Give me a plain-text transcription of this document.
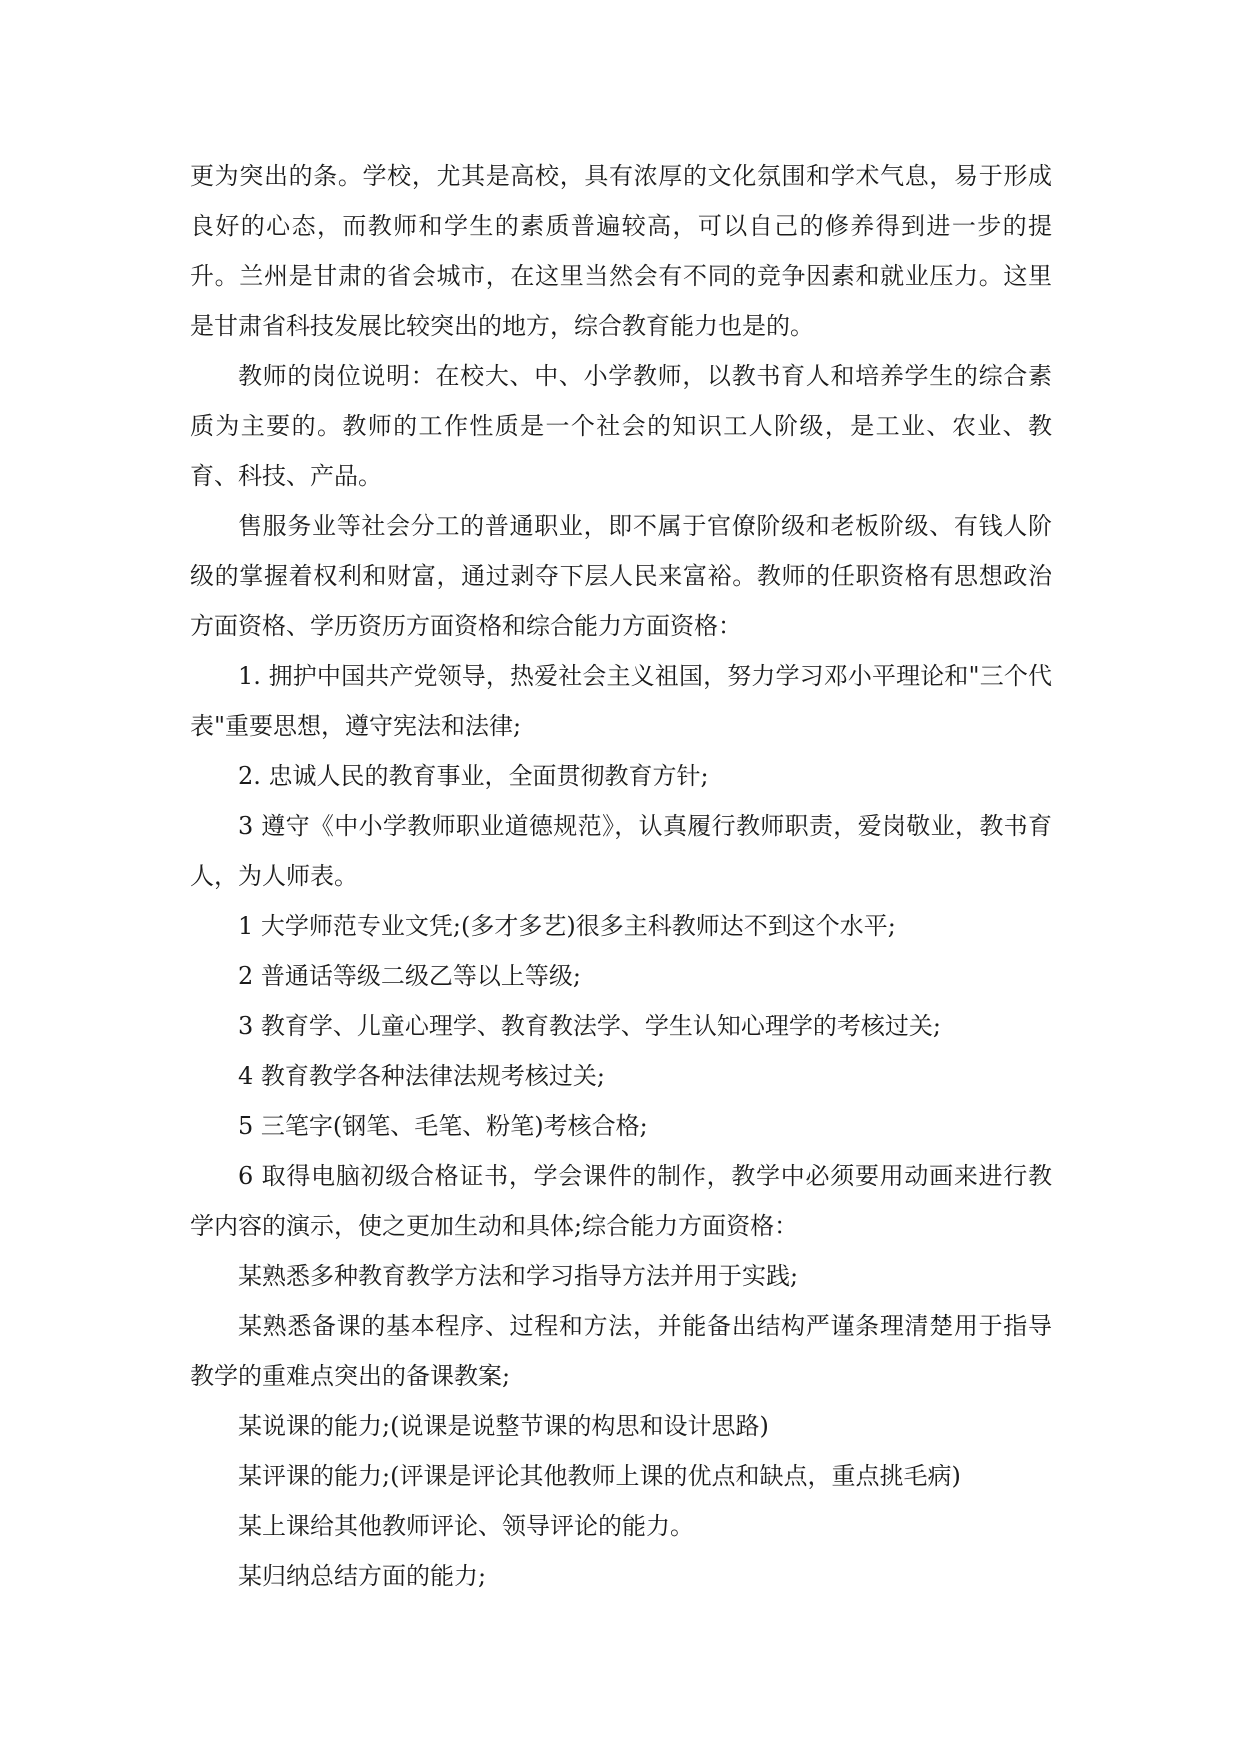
更为突出的条。学校，尤其是高校，具有浓厚的文化氛围和学术气息，易于形成良好的心态，而教师和学生的素质普遍较高，可以自己的修养得到进一步的提升。兰州是甘肃的省会城市，在这里当然会有不同的竞争因素和就业压力。这里是甘肃省科技发展比较突出的地方，综合教育能力也是的。

教师的岗位说明：在校大、中、小学教师，以教书育人和培养学生的综合素质为主要的。教师的工作性质是一个社会的知识工人阶级，是工业、农业、教育、科技、产品。

售服务业等社会分工的普通职业，即不属于官僚阶级和老板阶级、有钱人阶级的掌握着权利和财富，通过剥夺下层人民来富裕。教师的任职资格有思想政治方面资格、学历资历方面资格和综合能力方面资格：

1. 拥护中国共产党领导，热爱社会主义祖国，努力学习邓小平理论和"三个代表"重要思想，遵守宪法和法律;

2. 忠诚人民的教育事业，全面贯彻教育方针;

3 遵守《中小学教师职业道德规范》，认真履行教师职责，爱岗敬业，教书育人，为人师表。

1 大学师范专业文凭;(多才多艺)很多主科教师达不到这个水平;

2 普通话等级二级乙等以上等级;

3 教育学、儿童心理学、教育教法学、学生认知心理学的考核过关;

4 教育教学各种法律法规考核过关;

5 三笔字(钢笔、毛笔、粉笔)考核合格;

6 取得电脑初级合格证书，学会课件的制作，教学中必须要用动画来进行教学内容的演示，使之更加生动和具体;综合能力方面资格：

某熟悉多种教育教学方法和学习指导方法并用于实践;

某熟悉备课的基本程序、过程和方法，并能备出结构严谨条理清楚用于指导教学的重难点突出的备课教案;

某说课的能力;(说课是说整节课的构思和设计思路)

某评课的能力;(评课是评论其他教师上课的优点和缺点，重点挑毛病)

某上课给其他教师评论、领导评论的能力。

某归纳总结方面的能力;
